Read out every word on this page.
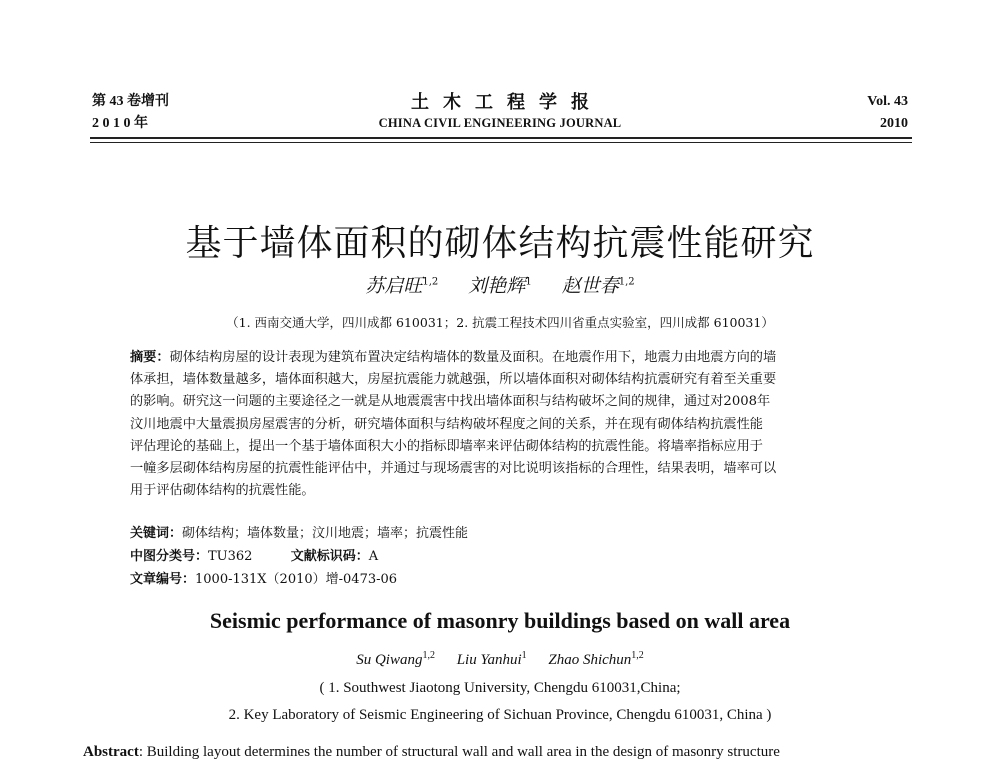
第 43 卷增刊
2 0 1 0 年
土木工程学报
CHINA CIVIL ENGINEERING JOURNAL
Vol. 43
2010
基于墙体面积的砌体结构抗震性能研究
苏启旺$^{1,2}$ 刘艳辉$^1$ 赵世春$^{1,2}$
（1. 西南交通大学，四川成都 610031；2. 抗震工程技术四川省重点实验室，四川成都 610031）
摘要：砌体结构房屋的设计表现为建筑布置决定结构墙体的数量及面积。在地震作用下，地震力由地震方向的墙
体承担，墙体数量越多，墙体面积越大，房屋抗震能力就越强，所以墙体面积对砌体结构抗震研究有着至关重要
的影响。研究这一问题的主要途径之一就是从地震震害中找出墙体面积与结构破坏之间的规律，通过对2008年
汶川地震中大量震损房屋震害的分析，研究墙体面积与结构破坏程度之间的关系，并在现有砌体结构抗震性能
评估理论的基础上，提出一个基于墙体面积大小的指标即墙率来评估砌体结构的抗震性能。将墙率指标应用于
一幢多层砌体结构房屋的抗震性能评估中，并通过与现场震害的对比说明该指标的合理性，结果表明，墙率可以
用于评估砌体结构的抗震性能。
关键词：砌体结构；墙体数量；汶川地震；墙率；抗震性能
中图分类号：TU362	文献标识码：A
文章编号：1000-131X（2010）增-0473-06
Seismic performance of masonry buildings based on wall area
Su Qiwang$^{1,2}$ Liu Yanhui$^1$ Zhao Shichun$^{1,2}$
( 1. Southwest Jiaotong University, Chengdu 610031,China;
2. Key Laboratory of Seismic Engineering of Sichuan Province, Chengdu 610031, China )
Abstract: Building layout determines the number of structural wall and wall area in the design of masonry structure
